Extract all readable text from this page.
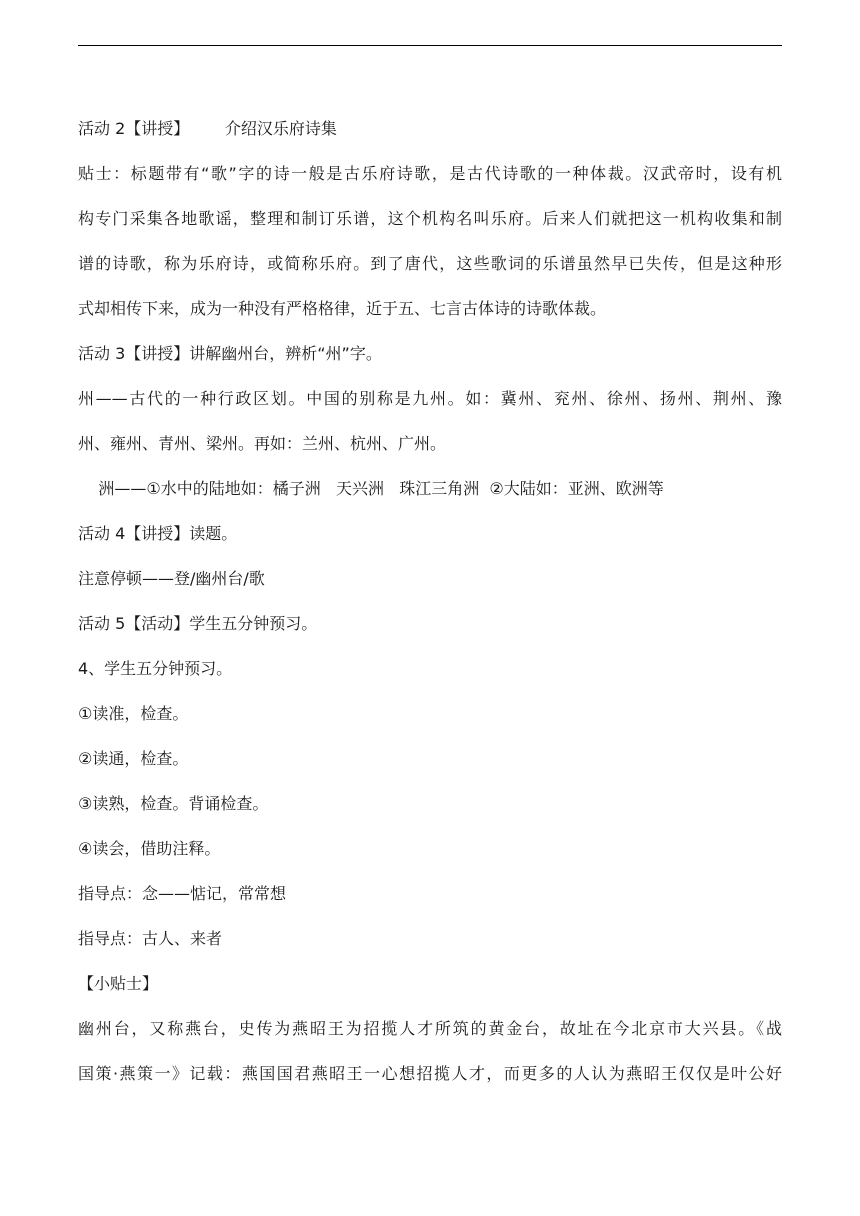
活动 2【讲授】       介绍汉乐府诗集
贴士：标题带有“歌”字的诗一般是古乐府诗歌，是古代诗歌的一种体裁。汉武帝时，设有机
构专门采集各地歌谣，整理和制订乐谱，这个机构名叫乐府。后来人们就把这一机构收集和制
谱的诗歌，称为乐府诗，或简称乐府。到了唐代，这些歌词的乐谱虽然早已失传，但是这种形
式却相传下来，成为一种没有严格格律，近于五、七言古体诗的诗歌体裁。
活动 3【讲授】讲解幽州台，辨析“州”字。
州——古代的一种行政区划。中国的别称是九州。如：冀州、兖州、徐州、扬州、荆州、豫
州、雍州、青州、梁州。再如：兰州、杭州、广州。
洲——①水中的陆地如：橘子洲   天兴洲   珠江三角洲  ②大陆如：亚洲、欧洲等
活动 4【讲授】读题。
注意停顿——登/幽州台/歌
活动 5【活动】学生五分钟预习。
4、学生五分钟预习。
①读准，检查。
②读通，检查。
③读熟，检查。背诵检查。
④读会，借助注释。
指导点：念——惦记，常常想
指导点：古人、来者
【小贴士】
幽州台，又称燕台，史传为燕昭王为招揽人才所筑的黄金台，故址在今北京市大兴县。《战
国策·燕策一》记载：燕国国君燕昭王一心想招揽人才，而更多的人认为燕昭王仅仅是叶公好
